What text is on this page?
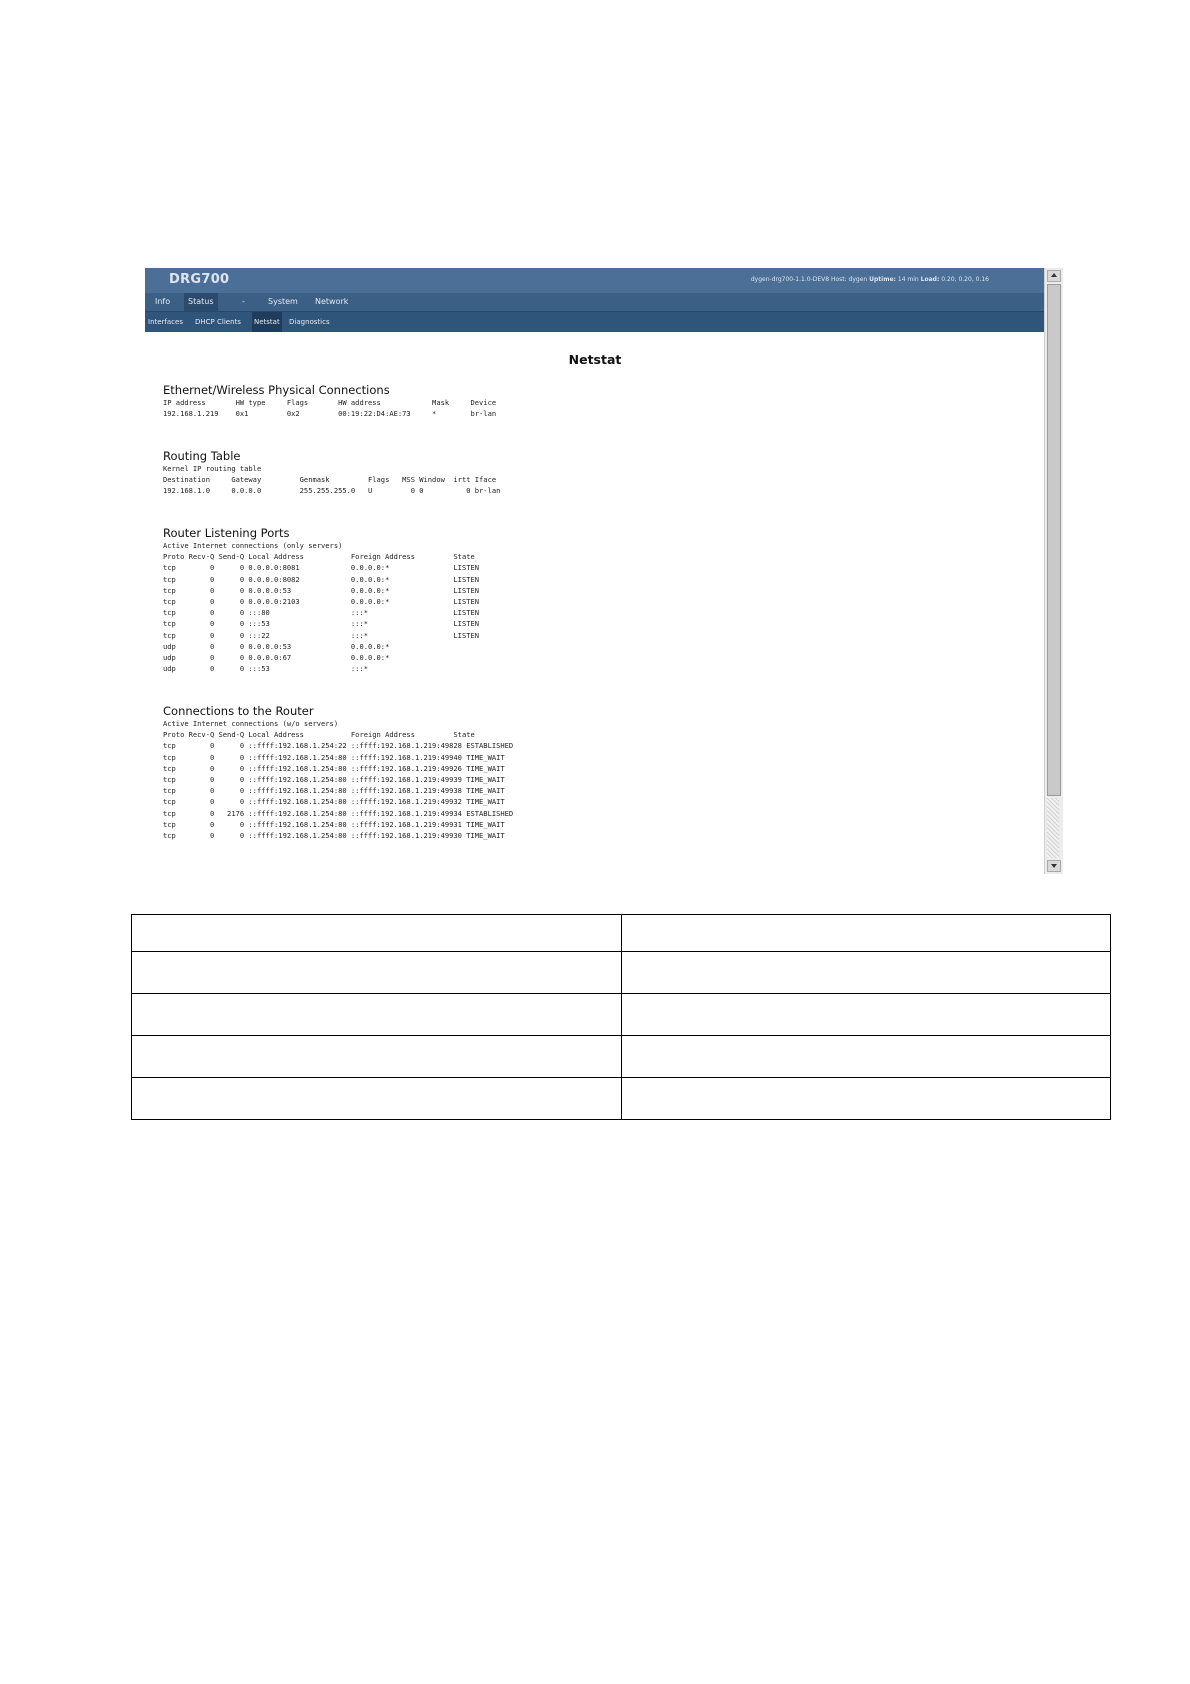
DRG700	dygen-drg700-1.1.0-DEV8 Host: dygen Uptime: 14 min Load: 0.20, 0.20, 0.16
Info	Status	-	System	Network
Interfaces DHCP Clients Netstat Diagnostics
Netstat
Ethernet/Wireless Physical Connections
IP address       HW type     Flags       HW address            Mask     Device
192.168.1.219    0x1         0x2         00:19:22:D4:AE:73     *        br-lan
Routing Table
Kernel IP routing table
Destination     Gateway         Genmask         Flags   MSS Window  irtt Iface
192.168.1.0     0.0.0.0         255.255.255.0   U         0 0          0 br-lan
Router Listening Ports
Active Internet connections (only servers)
Proto Recv-Q Send-Q Local Address           Foreign Address         State
tcp        0      0 0.0.0.0:8081            0.0.0.0:*               LISTEN
tcp        0      0 0.0.0.0:8082            0.0.0.0:*               LISTEN
tcp        0      0 0.0.0.0:53              0.0.0.0:*               LISTEN
tcp        0      0 0.0.0.0:2103            0.0.0.0:*               LISTEN
tcp        0      0 :::80                   :::*                    LISTEN
tcp        0      0 :::53                   :::*                    LISTEN
tcp        0      0 :::22                   :::*                    LISTEN
udp        0      0 0.0.0.0:53              0.0.0.0:*
udp        0      0 0.0.0.0:67              0.0.0.0:*
udp        0      0 :::53                   :::*
Connections to the Router
Active Internet connections (w/o servers)
Proto Recv-Q Send-Q Local Address           Foreign Address         State
tcp        0      0 ::ffff:192.168.1.254:22 ::ffff:192.168.1.219:49828 ESTABLISHED
tcp        0      0 ::ffff:192.168.1.254:80 ::ffff:192.168.1.219:49940 TIME_WAIT
tcp        0      0 ::ffff:192.168.1.254:80 ::ffff:192.168.1.219:49926 TIME_WAIT
tcp        0      0 ::ffff:192.168.1.254:80 ::ffff:192.168.1.219:49939 TIME_WAIT
tcp        0      0 ::ffff:192.168.1.254:80 ::ffff:192.168.1.219:49938 TIME_WAIT
tcp        0      0 ::ffff:192.168.1.254:80 ::ffff:192.168.1.219:49932 TIME_WAIT
tcp        0   2176 ::ffff:192.168.1.254:80 ::ffff:192.168.1.219:49934 ESTABLISHED
tcp        0      0 ::ffff:192.168.1.254:80 ::ffff:192.168.1.219:49931 TIME_WAIT
tcp        0      0 ::ffff:192.168.1.254:80 ::ffff:192.168.1.219:49930 TIME_WAIT
